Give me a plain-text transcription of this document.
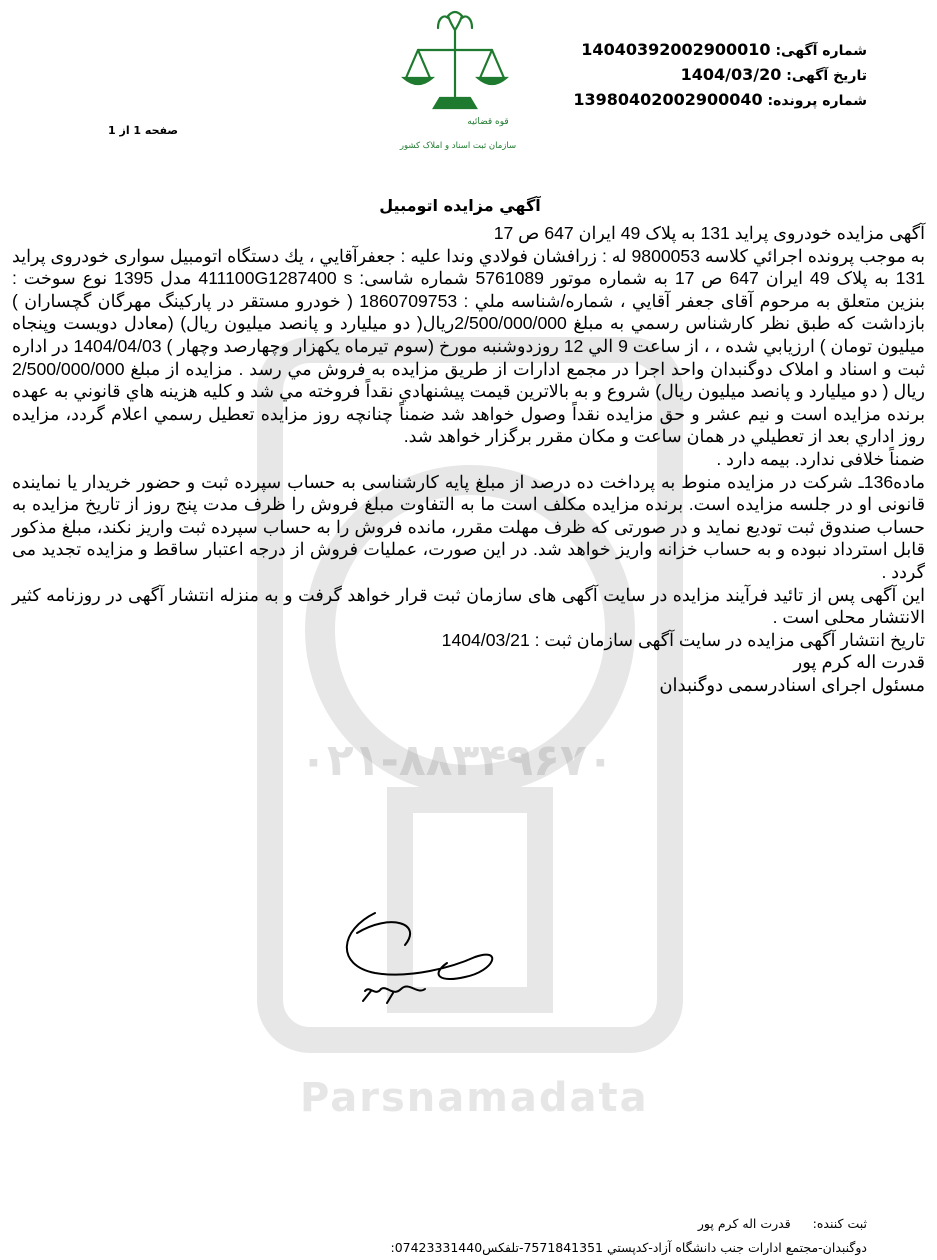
۰۲۱-۸۸۳۴۹۶۷۰
Parsnamadata
شماره آگهی: 14040392002900010
تاریخ آگهی: 1404/03/20
شماره پرونده: 13980402002900040
قوه قضائیه
سازمان ثبت اسناد و املاک کشور
صفحه 1 از 1
آگهي مزايده اتومبيل

آگهی مزایده خودروی پراید 131 به پلاک 49 ایران 647 ص 17

به موجب پرونده اجرائي كلاسه 9800053 له : زرافشان فولادي وندا عليه : جعفرآقايي ، يك دستگاه اتومبيل سواری خودروی پراید 131 به پلاک 49 ایران 647 ص 17 به شماره موتور 5761089 شماره شاسی: 411100G1287400 s مدل 1395 نوع سوخت : بنزین متعلق به مرحوم آقای جعفر آقايي ، شماره/شناسه ملي : 1860709753 ( خودرو مستقر در پاركینگ مهرگان گچساران ) بازداشت كه طبق نظر كارشناس رسمي به مبلغ 2/500/000/000ريال( دو میلیارد و پانصد میلیون ريال) (معادل دویست وپنجاه میلیون تومان ) ارزيابي شده ، ، از ساعت 9 الي 12 روزدوشنبه مورخ (سوم تیرماه یکهزار وچهارصد وچهار ) 1404/04/03 در اداره ثبت و اسناد و املاک دوگنبدان واحد اجرا در مجمع ادارات از طريق مزايده به فروش مي رسد . مزايده از مبلغ 2/500/000/000 ريال ( دو میلیارد و پانصد میلیون ريال) شروع و به بالاترين قيمت پيشنهادي نقداً فروخته مي شد و كليه هزينه هاي قانوني به عهده برنده مزايده است و نيم عشر و حق مزايده نقداً وصول خواهد شد ضمناً چنانچه روز مزايده تعطيل رسمي اعلام گردد، مزايده روز اداري بعد از تعطيلي در همان ساعت و مكان مقرر برگزار خواهد شد.

ضمناً خلافی ندارد. بیمه دارد .

ماده136ـ شرکت در مزایده منوط به پرداخت ده درصد از مبلغ پایه کارشناسی به حساب سپرده ثبت و حضور خریدار یا نماینده قانونی او در جلسه مزایده است. برنده مزایده مکلف است ما به التفاوت مبلغ فروش را ظرف مدت پنج روز از تاریخ مزایده به حساب صندوق ثبت تودیع نماید و در صورتی که ظرف مهلت مقرر، مانده فروش را به حساب سپرده ثبت واریز نکند، مبلغ مذکور قابل استرداد نبوده و به حساب خزانه واریز خواهد شد. در این صورت، عملیات فروش از درجه اعتبار ساقط و مزایده تجدید می گردد .

این آگهی پس از تائید فرآیند مزایده در سایت آگهی های سازمان ثبت قرار خواهد گرفت و به منزله انتشار آگهی در روزنامه کثیر الانتشار محلی است .

تاریخ انتشار آگهی مزایده در سایت آگهی سازمان ثبت : 1404/03/21

قدرت اله کرم پور

مسئول اجرای اسنادرسمی دوگنبدان

ثبت کننده: قدرت اله کرم پور
دوگنبدان-مجتمع ادارات جنب دانشگاه آزاد-كدپستي 7571841351-تلفكس07423331440:
